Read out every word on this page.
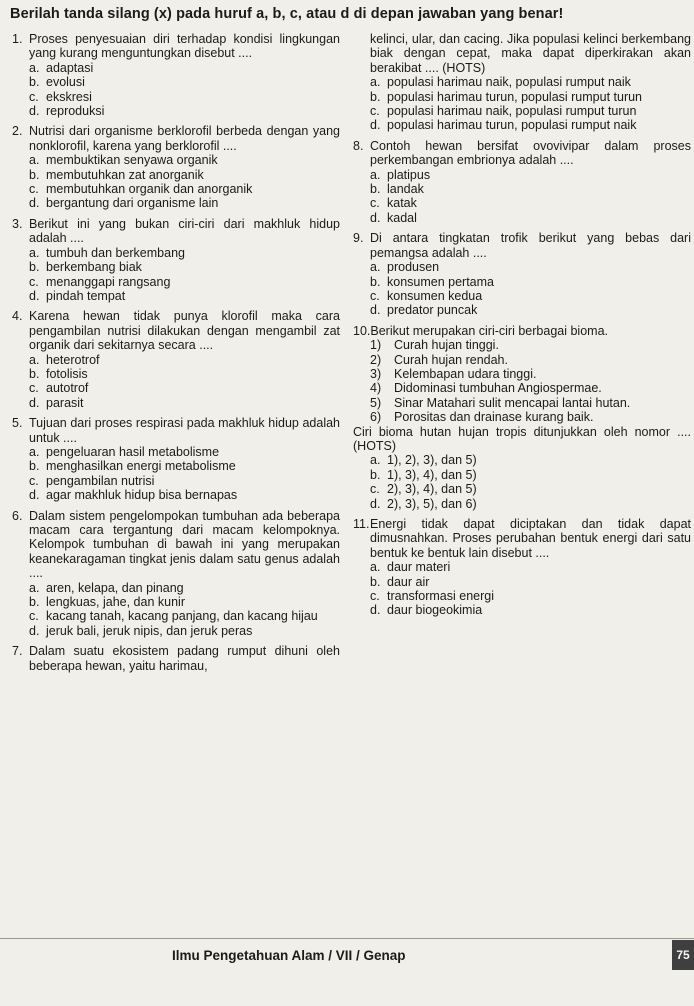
Berilah tanda silang (x) pada huruf a, b, c, atau d di depan jawaban yang benar!
1. Proses penyesuaian diri terhadap kondisi lingkungan yang kurang menguntungkan disebut ....
a. adaptasi
b. evolusi
c. ekskresi
d. reproduksi
2. Nutrisi dari organisme berklorofil berbeda dengan yang nonklorofil, karena yang berklorofil ....
a. membuktikan senyawa organik
b. membutuhkan zat anorganik
c. membutuhkan organik dan anorganik
d. bergantung dari organisme lain
3. Berikut ini yang bukan ciri-ciri dari makhluk hidup adalah ....
a. tumbuh dan berkembang
b. berkembang biak
c. menanggapi rangsang
d. pindah tempat
4. Karena hewan tidak punya klorofil maka cara pengambilan nutrisi dilakukan dengan mengambil zat organik dari sekitarnya secara ....
a. heterotrof
b. fotolisis
c. autotrof
d. parasit
5. Tujuan dari proses respirasi pada makhluk hidup adalah untuk ....
a. pengeluaran hasil metabolisme
b. menghasilkan energi metabolisme
c. pengambilan nutrisi
d. agar makhluk hidup bisa bernapas
6. Dalam sistem pengelompokan tumbuhan ada beberapa macam cara tergantung dari macam kelompoknya. Kelompok tumbuhan di bawah ini yang merupakan keanekaragaman tingkat jenis dalam satu genus adalah ....
a. aren, kelapa, dan pinang
b. lengkuas, jahe, dan kunir
c. kacang tanah, kacang panjang, dan kacang hijau
d. jeruk bali, jeruk nipis, dan jeruk peras
7. Dalam suatu ekosistem padang rumput dihuni oleh beberapa hewan, yaitu harimau,
kelinci, ular, dan cacing. Jika populasi kelinci berkembang biak dengan cepat, maka dapat diperkirakan akan berakibat .... (HOTS)
a. populasi harimau naik, populasi rumput naik
b. populasi harimau turun, populasi rumput turun
c. populasi harimau naik, populasi rumput turun
d. populasi harimau turun, populasi rumput naik
8. Contoh hewan bersifat ovovivipar dalam proses perkembangan embrionya adalah ....
a. platipus
b. landak
c. katak
d. kadal
9. Di antara tingkatan trofik berikut yang bebas dari pemangsa adalah ....
a. produsen
b. konsumen pertama
c. konsumen kedua
d. predator puncak
10. Berikut merupakan ciri-ciri berbagai bioma.
1)	Curah hujan tinggi.
2)	Curah hujan rendah.
3)	Kelembapan udara tinggi.
4)	Didominasi tumbuhan Angiospermae.
5)	Sinar Matahari sulit mencapai lantai hutan.
6)	Porositas dan drainase kurang baik.
Ciri bioma hutan hujan tropis ditunjukkan oleh nomor .... (HOTS)
a. 1), 2), 3), dan 5)
b. 1), 3), 4), dan 5)
c. 2), 3), 4), dan 5)
d. 2), 3), 5), dan 6)
11. Energi tidak dapat diciptakan dan tidak dapat dimusnahkan. Proses perubahan bentuk energi dari satu bentuk ke bentuk lain disebut ....
a. daur materi
b. daur air
c. transformasi energi
d. daur biogeokimia
Ilmu Pengetahuan Alam / VII / Genap	75
